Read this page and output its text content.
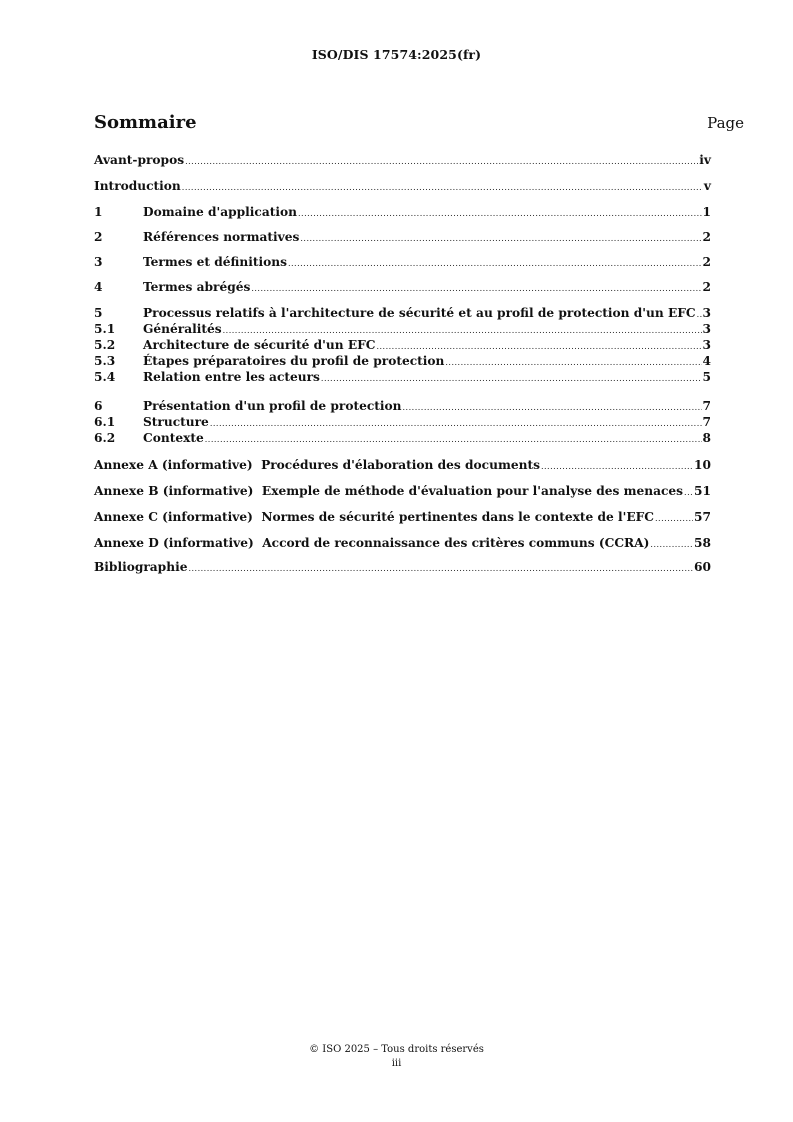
ISO/DIS 17574:2025(fr)
Sommaire	Page
Avant-propos .....	iv
Introduction .....	v
1	Domaine d'application .....	1
2	Références normatives .....	2
3	Termes et définitions .....	2
4	Termes abrégés .....	2
5	Processus relatifs à l'architecture de sécurité et au profil de protection d'un EFC ..... 3
5.1	Généralités .....	3
5.2	Architecture de sécurité d'un EFC .....	3
5.3	Étapes préparatoires du profil de protection .....	4
5.4	Relation entre les acteurs .....	5
6	Présentation d'un profil de protection .....	7
6.1	Structure .....	7
6.2	Contexte .....	8
Annexe A (informative)  Procédures d'élaboration des documents .....	10
Annexe B (informative)  Exemple de méthode d'évaluation pour l'analyse des menaces ..... 51
Annexe C (informative)  Normes de sécurité pertinentes dans le contexte de l'EFC .....	57
Annexe D (informative)  Accord de reconnaissance des critères communs (CCRA) .....	58
Bibliographie .....	60
© ISO 2025 – Tous droits réservés
iii
